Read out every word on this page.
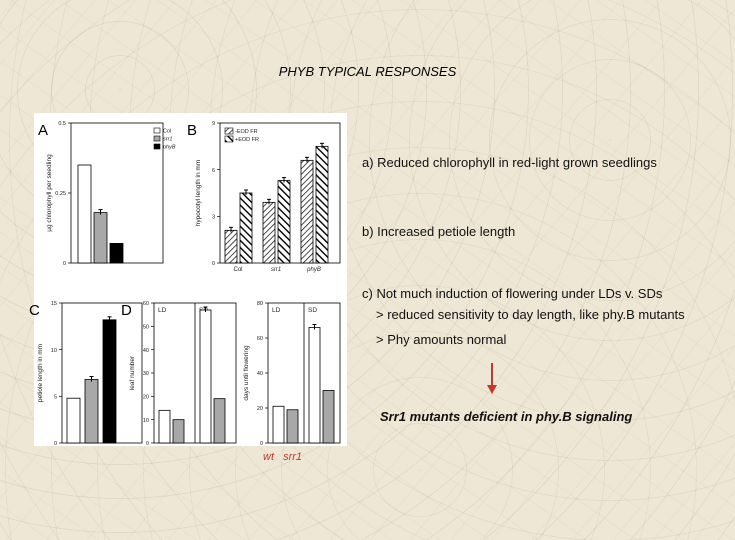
PHYB TYPICAL RESPONSES
0
0.25
0.5
µg chlorophyll per seedling
A	Col
srr1
phyB
0
3
6
9
hypocotyl length in mm
B
Col	srr1	phyB
-EOD FR
+EOD FR
0
5
10
15
petiole length in mm
C
0
10
20
30
40
50
60
leaf number
D	LD
0
20
40
60
80
days until flowering
LD	SD
a) Reduced chlorophyll in red-light grown seedlings
b) Increased petiole length
c) Not much induction of flowering under LDs v. SDs
> reduced sensitivity to day length, like phy.B mutants
> Phy amounts normal
Srr1 mutants deficient in phy.B signaling
wt srr1
